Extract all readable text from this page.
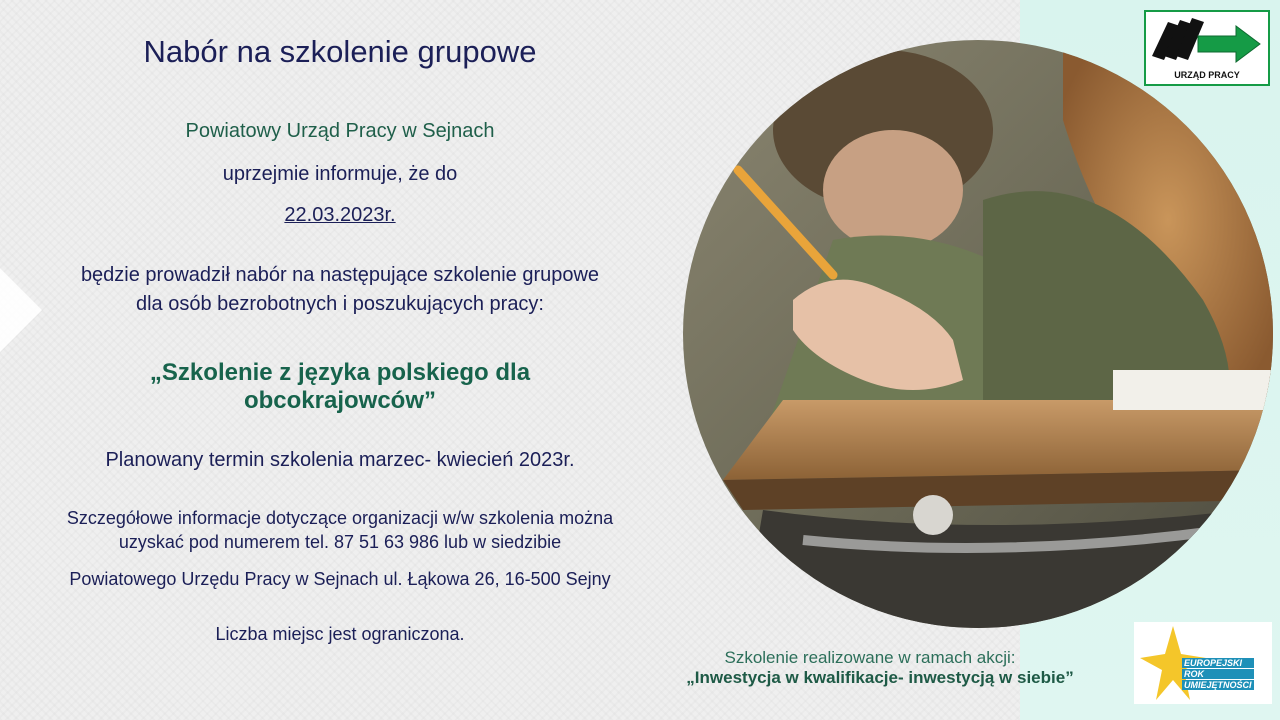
Nabór na szkolenie grupowe
Powiatowy Urząd Pracy w Sejnach
uprzejmie informuje, że do
22.03.2023r.
będzie prowadził nabór na następujące szkolenie grupowe
dla osób bezrobotnych i poszukujących pracy:
„Szkolenie z języka polskiego dla
obcokrajowców”
Planowany termin szkolenia marzec- kwiecień 2023r.
Szczegółowe informacje dotyczące organizacji w/w szkolenia można
uzyskać pod numerem tel. 87 51 63 986 lub w siedzibie
Powiatowego Urzędu Pracy w Sejnach ul. Łąkowa 26, 16-500 Sejny
Liczba miejsc jest ograniczona.
URZĄD PRACY
EUROPEJSKI
ROK
UMIEJĘTNOŚCI
Szkolenie realizowane w ramach akcji:
„Inwestycja w kwalifikacje- inwestycją w siebie”
